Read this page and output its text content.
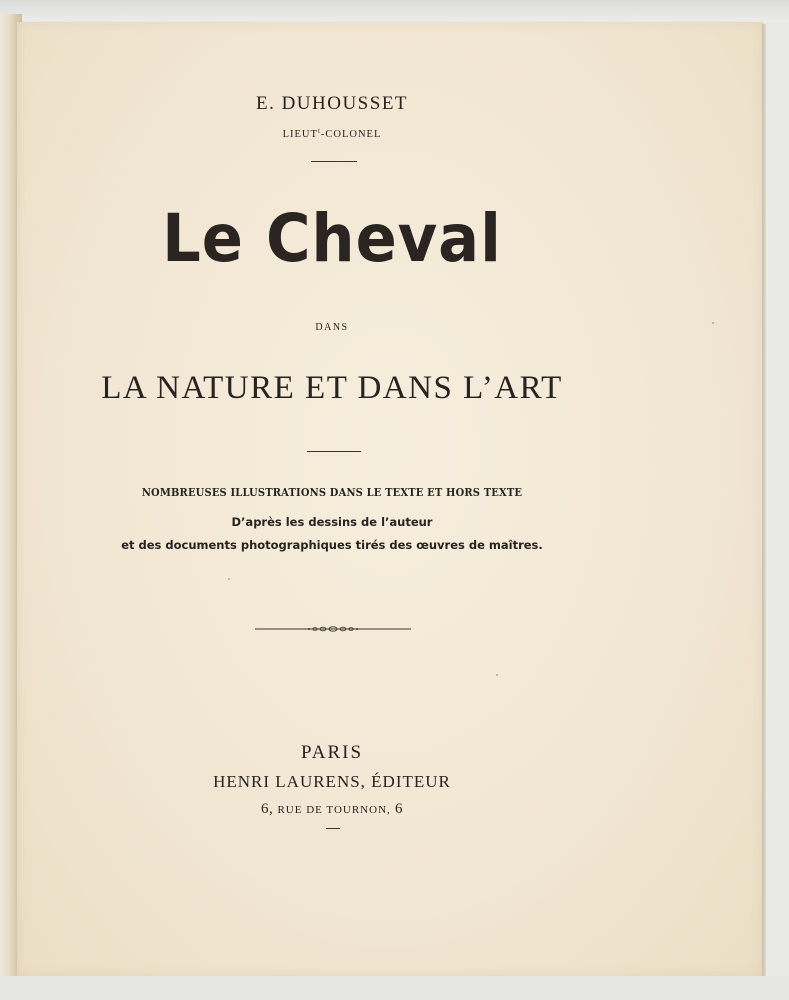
E. DUHOUSSET
LIEUT$^t$-COLONEL
Le Cheval
DANS
LA NATURE ET DANS L’ART
NOMBREUSES ILLUSTRATIONS DANS LE TEXTE ET HORS TEXTE
D’après les dessins de l’auteur
et des documents photographiques tirés des œuvres de maîtres.
PARIS
HENRI LAURENS, ÉDITEUR
6, RUE DE TOURNON, 6
